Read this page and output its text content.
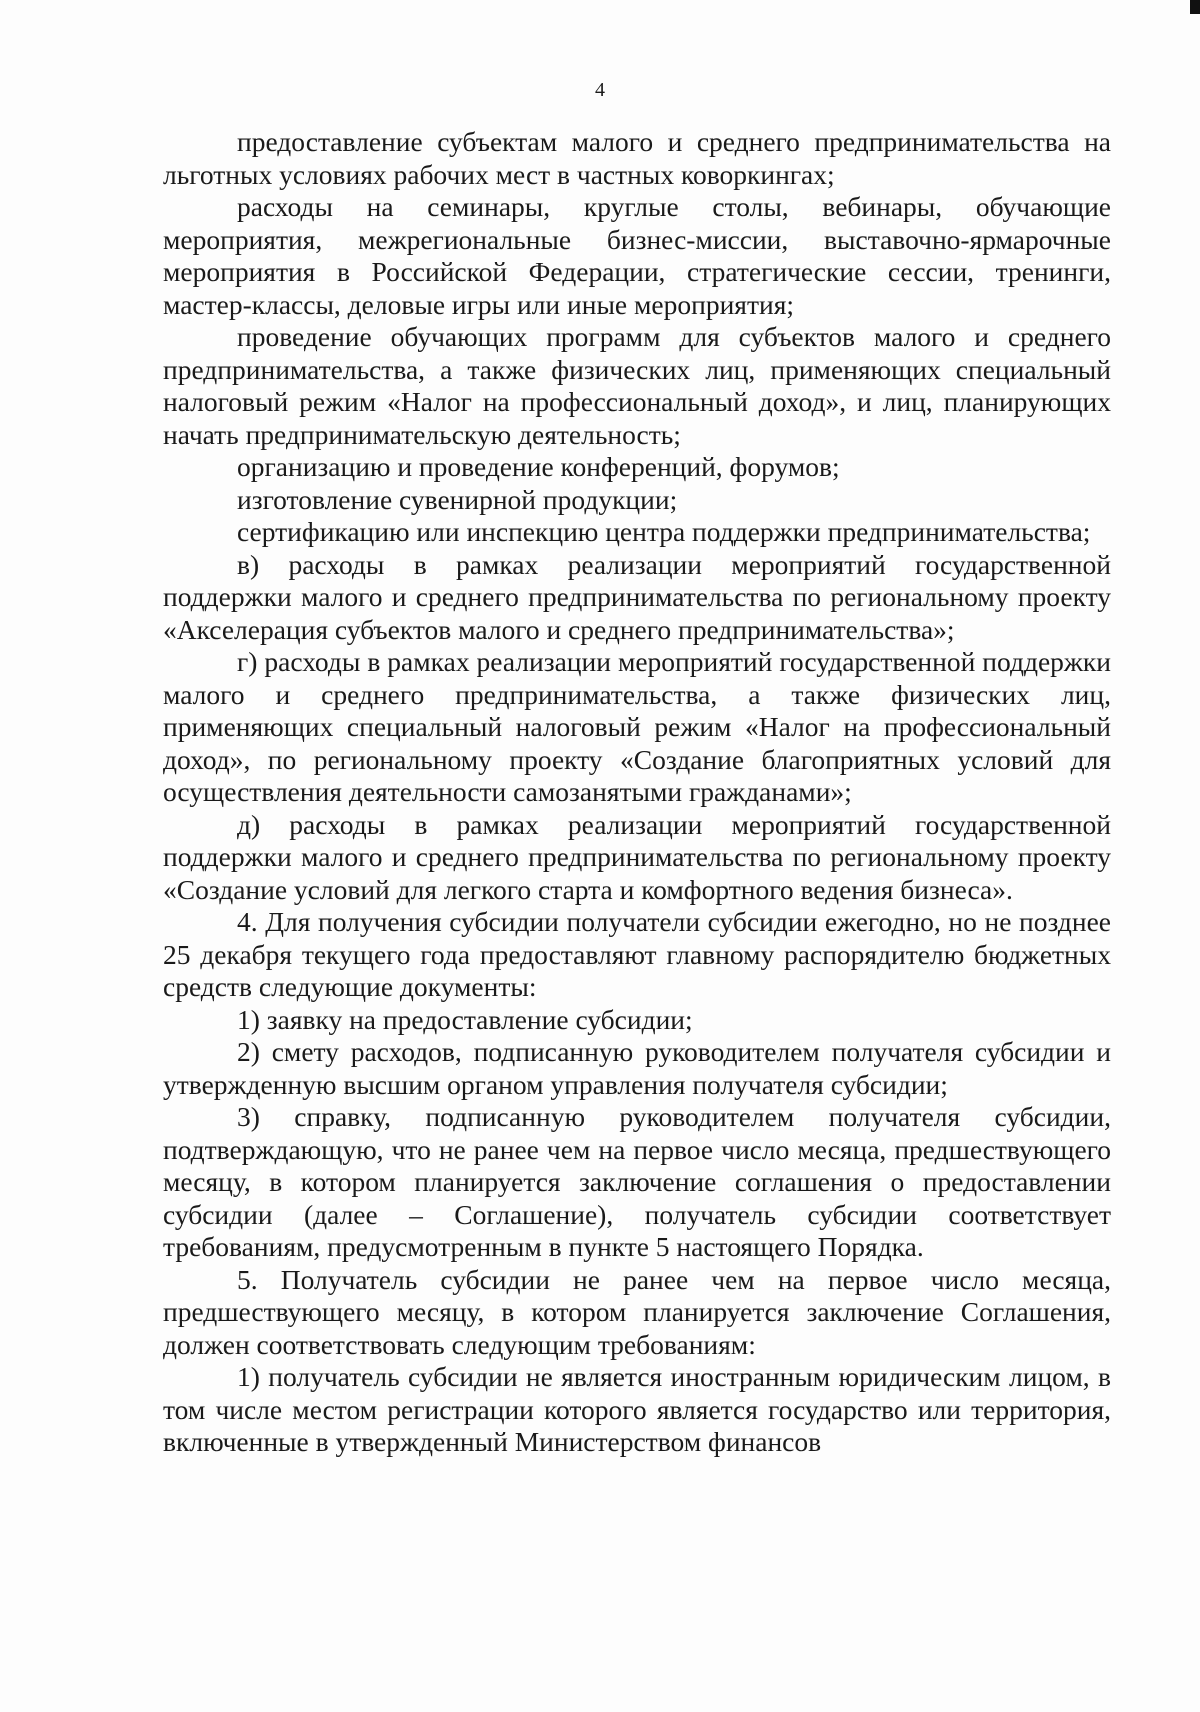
4

предоставление субъектам малого и среднего предпринимательства на льготных условиях рабочих мест в частных коворкингах;

расходы на семинары, круглые столы, вебинары, обучающие мероприятия, межрегиональные бизнес-миссии, выставочно-ярмарочные мероприятия в Российской Федерации, стратегические сессии, тренинги, мастер-классы, деловые игры или иные мероприятия;

проведение обучающих программ для субъектов малого и среднего предпринимательства, а также физических лиц, применяющих специальный налоговый режим «Налог на профессиональный доход», и лиц, планирующих начать предпринимательскую деятельность;

организацию и проведение конференций, форумов;

изготовление сувенирной продукции;

сертификацию или инспекцию центра поддержки предпринимательства;

в) расходы в рамках реализации мероприятий государственной поддержки малого и среднего предпринимательства по региональному проекту «Акселерация субъектов малого и среднего предпринимательства»;

г) расходы в рамках реализации мероприятий государственной поддержки малого и среднего предпринимательства, а также физических лиц, применяющих специальный налоговый режим «Налог на профессиональный доход», по региональному проекту «Создание благоприятных условий для осуществления деятельности самозанятыми гражданами»;

д) расходы в рамках реализации мероприятий государственной поддержки малого и среднего предпринимательства по региональному проекту «Создание условий для легкого старта и комфортного ведения бизнеса».

4. Для получения субсидии получатели субсидии ежегодно, но не позднее 25 декабря текущего года предоставляют главному распорядителю бюджетных средств следующие документы:

1) заявку на предоставление субсидии;

2) смету расходов, подписанную руководителем получателя субсидии и утвержденную высшим органом управления получателя субсидии;

3) справку, подписанную руководителем получателя субсидии, подтверждающую, что не ранее чем на первое число месяца, предшествующего месяцу, в котором планируется заключение соглашения о предоставлении субсидии (далее – Соглашение), получатель субсидии соответствует требованиям, предусмотренным в пункте 5 настоящего Порядка.

5. Получатель субсидии не ранее чем на первое число месяца, предшествующего месяцу, в котором планируется заключение Соглашения, должен соответствовать следующим требованиям:

1) получатель субсидии не является иностранным юридическим лицом, в том числе местом регистрации которого является государство или территория, включенные в утвержденный Министерством финансов
